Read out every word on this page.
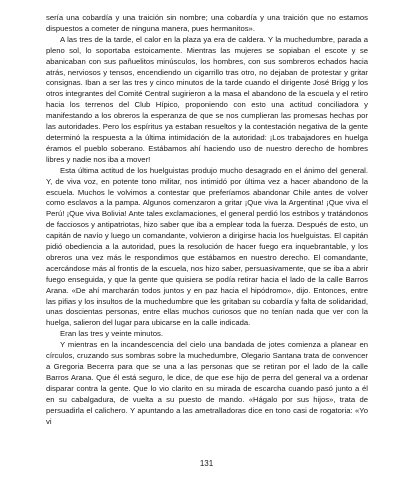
sería una cobardía y una traición sin nombre; una cobardía y una traición que no estamos dispuestos a cometer de ninguna manera, pues hermanitos».

A las tres de la tarde, el calor en la plaza ya era de caldera. Y la muchedumbre, parada a pleno sol, lo soportaba estoicamente. Mientras las mujeres se sopiaban el escote y se abanicaban con sus pañuelitos minúsculos, los hombres, con sus sombreros echados hacia atrás, nerviosos y tensos, encendiendo un cigarrillo tras otro, no dejaban de protestar y gritar consignas. Iban a ser las tres y cinco minutos de la tarde cuando el dirigente José Brigg y los otros integrantes del Comité Central sugirieron a la masa el abandono de la escuela y el retiro hacia los terrenos del Club Hípico, proponiendo con esto una actitud conciliadora y manifestando a los obreros la esperanza de que se nos cumplieran las promesas hechas por las autoridades. Pero los espíritus ya estaban resueltos y la contestación negativa de la gente determinó la respuesta a la última intimidación de la autoridad: ¡Los trabajadores en huelga éramos el pueblo soberano. Estábamos ahí haciendo uso de nuestro derecho de hombres libres y nadie nos iba a mover!

Esta última actitud de los huelguistas produjo mucho desagrado en el ánimo del general. Y, de viva voz, en potente tono militar, nos intimidó por última vez a hacer abandono de la escuela. Muchos le volvimos a contestar que preferíamos abandonar Chile antes de volver como esclavos a la pampa. Algunos comenzaron a gritar ¡Que viva la Argentina! ¡Que viva el Perú! ¡Que viva Bolivia! Ante tales exclamaciones, el general perdió los estribos y tratándonos de facciosos y antipatriotas, hizo saber que iba a emplear toda la fuerza. Después de esto, un capitán de navío y luego un comandante, volvieron a dirigirse hacia los huelguistas. El capitán pidió obediencia a la autoridad, pues la resolución de hacer fuego era inquebrantable, y los obreros una vez más le respondimos que estábamos en nuestro derecho. El comandante, acercándose más al frontis de la escuela, nos hizo saber, persuasivamente, que se iba a abrir fuego enseguida, y que la gente que quisiera se podía retirar hacia el lado de la calle Barros Arana. «De ahí marcharán todos juntos y en paz hacia el hipódromo», dijo. Entonces, entre las pifias y los insultos de la muchedumbre que les gritaban su cobardía y falta de solidaridad, unas doscientas personas, entre ellas muchos curiosos que no tenían nada que ver con la huelga, salieron del lugar para ubicarse en la calle indicada.

Eran las tres y veinte minutos.

Y mientras en la incandescencia del cielo una bandada de jotes comienza a planear en círculos, cruzando sus sombras sobre la muchedumbre, Olegario Santana trata de convencer a Gregoria Becerra para que se una a las personas que se retiran por el lado de la calle Barros Arana. Que él está seguro, le dice, de que ese hijo de perra del general va a ordenar disparar contra la gente. Que lo vio clarito en su mirada de escarcha cuando pasó junto a él en su cabalgadura, de vuelta a su puesto de mando. «Hágalo por sus hijos», trata de persuadirla el calichero. Y apuntando a las ametralladoras dice en tono casi de rogatoria: «Yo vi

131
